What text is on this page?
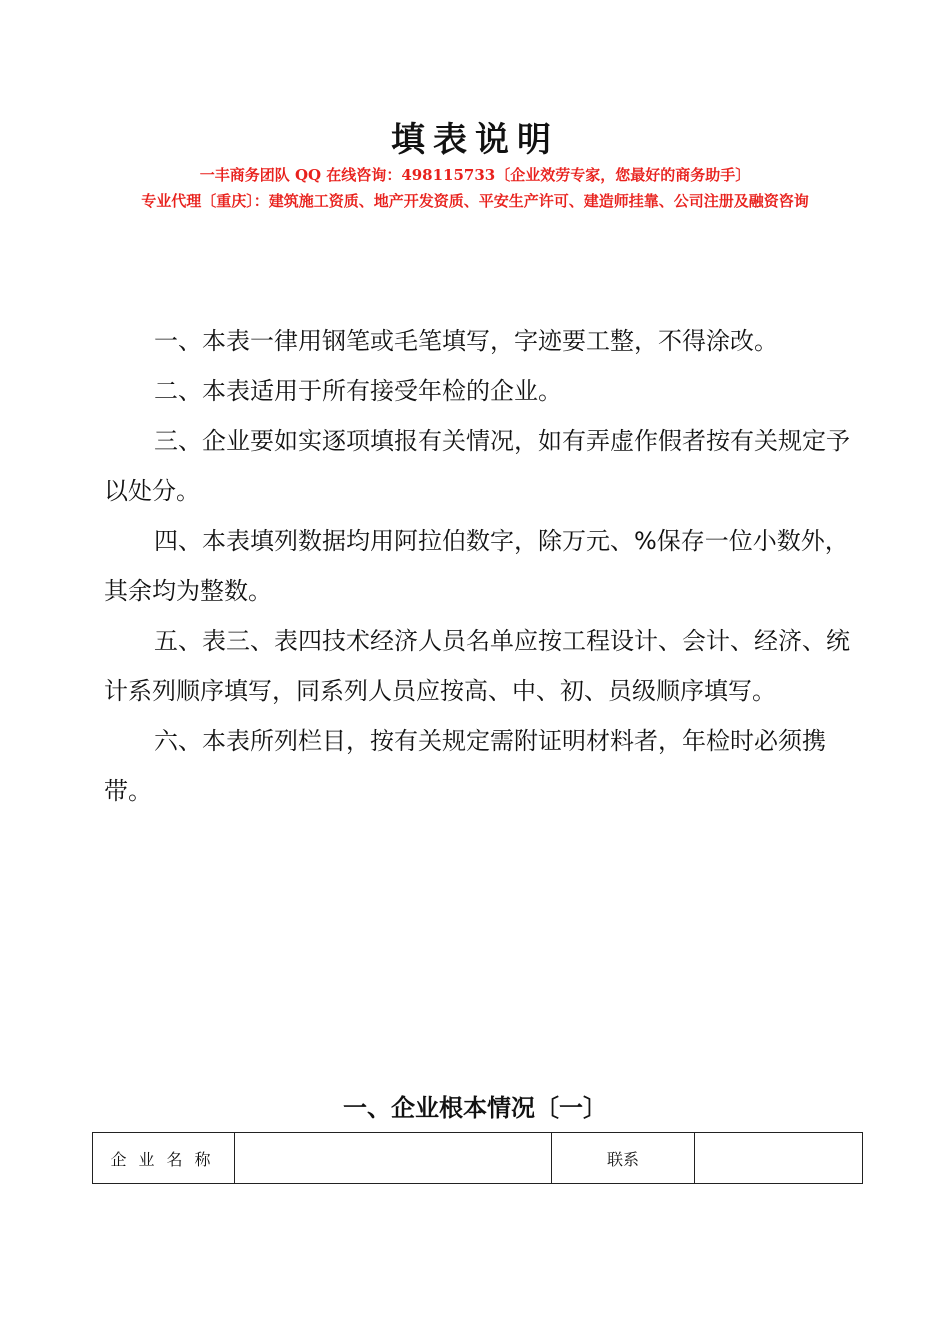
填表说明
一丰商务团队 QQ 在线咨询：498115733〔企业效劳专家，您最好的商务助手〕
专业代理〔重庆〕：建筑施工资质、地产开发资质、平安生产许可、建造师挂靠、公司注册及融资咨询

一、本表一律用钢笔或毛笔填写，字迹要工整，不得涂改。

二、本表适用于所有接受年检的企业。

三、企业要如实逐项填报有关情况，如有弄虚作假者按有关规定予以处分。

四、本表填列数据均用阿拉伯数字，除万元、%保存一位小数外，其余均为整数。

五、表三、表四技术经济人员名单应按工程设计、会计、经济、统计系列顺序填写，同系列人员应按高、中、初、员级顺序填写。

六、本表所列栏目，按有关规定需附证明材料者，年检时必须携带。

一、企业根本情况〔一〕
企业名称		联系	
